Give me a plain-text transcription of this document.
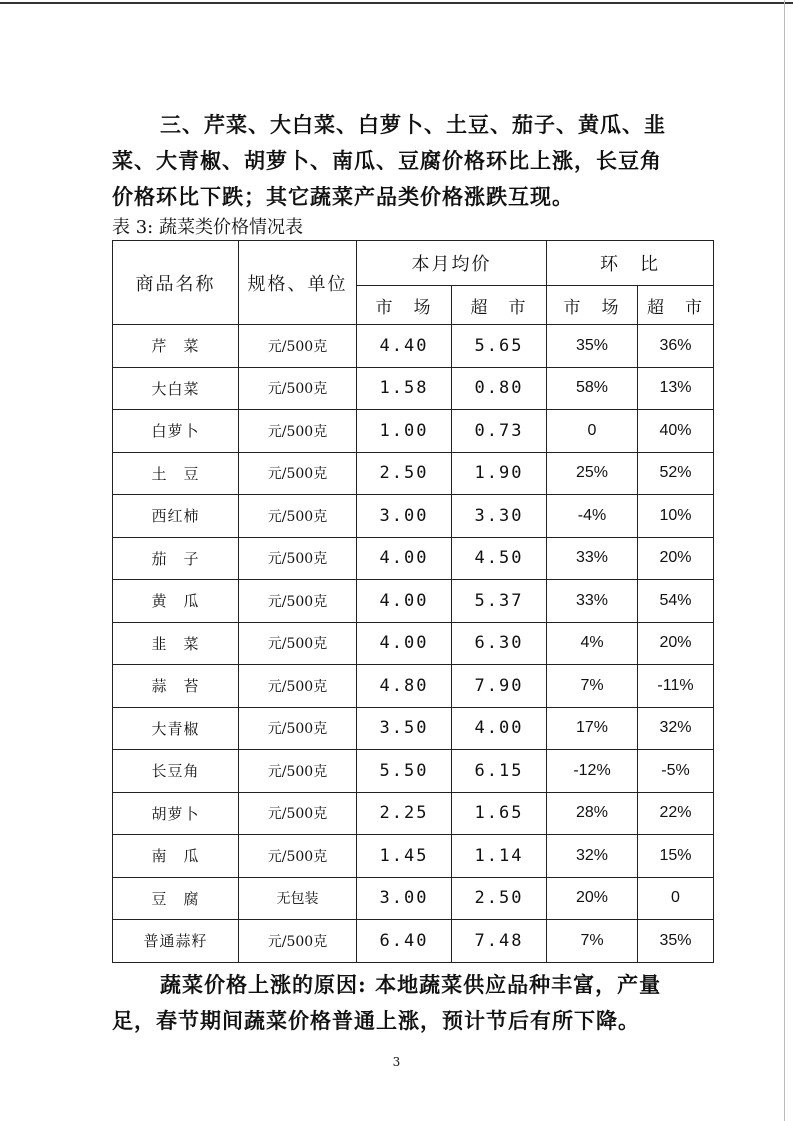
三、芹菜、大白菜、白萝卜、土豆、茄子、黄瓜、韭菜、大青椒、胡萝卜、南瓜、豆腐价格环比上涨，长豆角价格环比下跌；其它蔬菜产品类价格涨跌互现。
表 3: 蔬菜类价格情况表
商品名称	规格、单位	本月均价		环　比	
		市　场	超　市	市　场	超　市
芹　菜	元/500克	4.40	5.65	35%	36%
大白菜	元/500克	1.58	0.80	58%	13%
白萝卜	元/500克	1.00	0.73	0	40%
土　豆	元/500克	2.50	1.90	25%	52%
西红柿	元/500克	3.00	3.30	-4%	10%
茄　子	元/500克	4.00	4.50	33%	20%
黄　瓜	元/500克	4.00	5.37	33%	54%
韭　菜	元/500克	4.00	6.30	4%	20%
蒜　苔	元/500克	4.80	7.90	7%	-11%
大青椒	元/500克	3.50	4.00	17%	32%
长豆角	元/500克	5.50	6.15	-12%	-5%
胡萝卜	元/500克	2.25	1.65	28%	22%
南　瓜	元/500克	1.45	1.14	32%	15%
豆　腐	无包装	3.00	2.50	20%	0
普通蒜籽	元/500克	6.40	7.48	7%	35%
蔬菜价格上涨的原因: 本地蔬菜供应品种丰富，产量足，春节期间蔬菜价格普通上涨，预计节后有所下降。
3
